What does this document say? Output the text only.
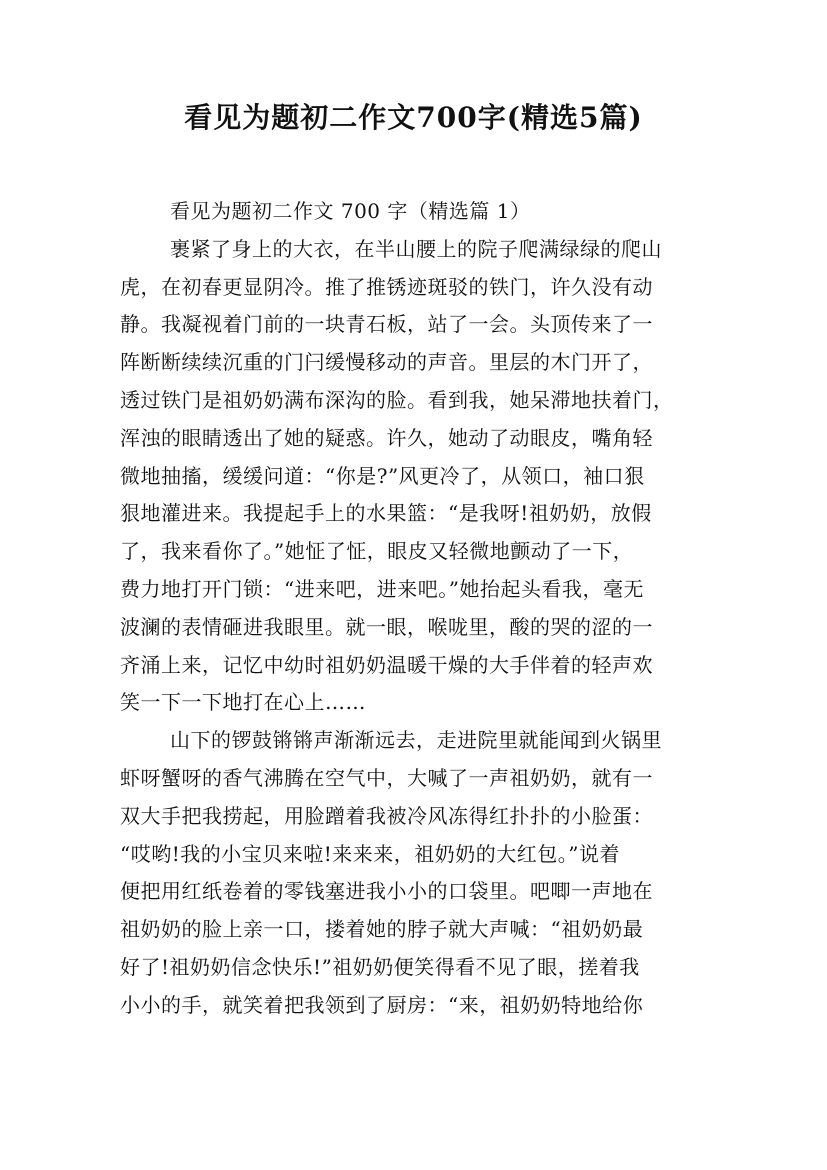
看见为题初二作文700字(精选5篇)
看见为题初二作文 700 字（精选篇 1）
裹紧了身上的大衣，在半山腰上的院子爬满绿绿的爬山
虎，在初春更显阴冷。推了推锈迹斑驳的铁门，许久没有动
静。我凝视着门前的一块青石板，站了一会。头顶传来了一
阵断断续续沉重的门闩缓慢移动的声音。里层的木门开了，
透过铁门是祖奶奶满布深沟的脸。看到我，她呆滞地扶着门，
浑浊的眼睛透出了她的疑惑。许久，她动了动眼皮，嘴角轻
微地抽搐，缓缓问道：“你是?”风更冷了，从领口，袖口狠
狠地灌进来。我提起手上的水果篮：“是我呀!祖奶奶，放假
了，我来看你了。”她怔了怔，眼皮又轻微地颤动了一下，
费力地打开门锁：“进来吧，进来吧。”她抬起头看我，毫无
波澜的表情砸进我眼里。就一眼，喉咙里，酸的哭的涩的一
齐涌上来，记忆中幼时祖奶奶温暖干燥的大手伴着的轻声欢
笑一下一下地打在心上……
山下的锣鼓锵锵声渐渐远去，走进院里就能闻到火锅里
虾呀蟹呀的香气沸腾在空气中，大喊了一声祖奶奶，就有一
双大手把我捞起，用脸蹭着我被冷风冻得红扑扑的小脸蛋：
“哎哟!我的小宝贝来啦!来来来，祖奶奶的大红包。”说着
便把用红纸卷着的零钱塞进我小小的口袋里。吧唧一声地在
祖奶奶的脸上亲一口，搂着她的脖子就大声喊：“祖奶奶最
好了!祖奶奶信念快乐!”祖奶奶便笑得看不见了眼，搓着我
小小的手，就笑着把我领到了厨房：“来，祖奶奶特地给你
